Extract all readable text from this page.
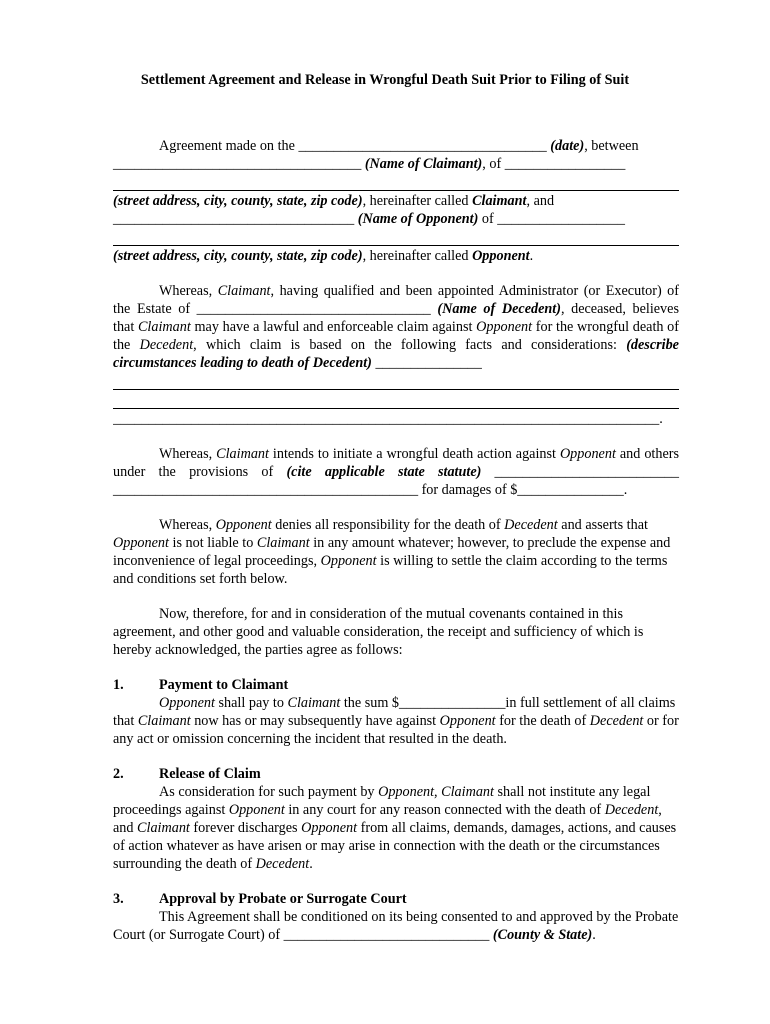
Settlement Agreement and Release in Wrongful Death Suit Prior to Filing of Suit
Agreement made on the ___________________________________ (date), between
___________________________________ (Name of Claimant), of _________________
(street address, city, county, state, zip code), hereinafter called Claimant, and
__________________________________ (Name of Opponent) of __________________
(street address, city, county, state, zip code), hereinafter called Opponent.
Whereas, Claimant, having qualified and been appointed Administrator (or Executor) of the Estate of _________________________________ (Name of Decedent), deceased, believes that Claimant may have a lawful and enforceable claim against Opponent for the wrongful death of the Decedent, which claim is based on the following facts and considerations: (describe circumstances leading to death of Decedent) _______________
_____________________________________________________________________________.
Whereas, Claimant intends to initiate a wrongful death action against Opponent and others under the provisions of (cite applicable state statute) __________________________ ___________________________________________ for damages of $_______________.
Whereas, Opponent denies all responsibility for the death of Decedent and asserts that Opponent is not liable to Claimant in any amount whatever; however, to preclude the expense and inconvenience of legal proceedings, Opponent is willing to settle the claim according to the terms and conditions set forth below.
Now, therefore, for and in consideration of the mutual covenants contained in this agreement, and other good and valuable consideration, the receipt and sufficiency of which is hereby acknowledged, the parties agree as follows:
1.	Payment to Claimant
Opponent shall pay to Claimant the sum $_______________in full settlement of all claims that Claimant now has or may subsequently have against Opponent for the death of Decedent or for any act or omission concerning the incident that resulted in the death.
2.	Release of Claim
As consideration for such payment by Opponent, Claimant shall not institute any legal proceedings against Opponent in any court for any reason connected with the death of Decedent, and Claimant forever discharges Opponent from all claims, demands, damages, actions, and causes of action whatever as have arisen or may arise in connection with the death or the circumstances surrounding the death of Decedent.
3.	Approval by Probate or Surrogate Court
This Agreement shall be conditioned on its being consented to and approved by the Probate Court (or Surrogate Court) of _____________________________ (County & State).
